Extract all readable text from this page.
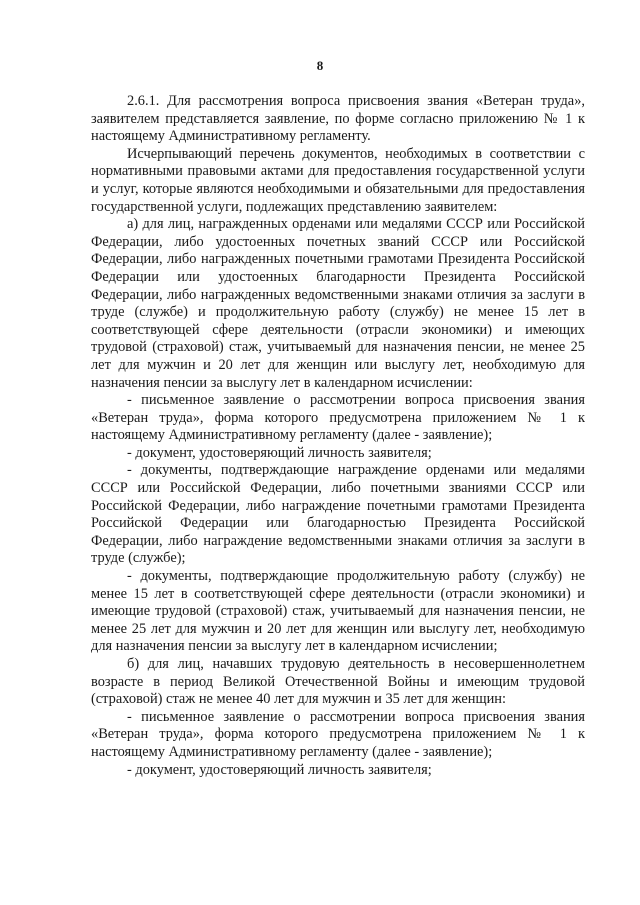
8

2.6.1. Для рассмотрения вопроса присвоения звания «Ветеран труда», заявителем представляется заявление, по форме согласно приложению № 1 к настоящему Административному регламенту.

Исчерпывающий перечень документов, необходимых в соответствии с нормативными правовыми актами для предоставления государственной услуги и услуг, которые являются необходимыми и обязательными для предоставления государственной услуги, подлежащих представлению заявителем:

а) для лиц, награжденных орденами или медалями СССР или Российской Федерации, либо удостоенных почетных званий СССР или Российской Федерации, либо награжденных почетными грамотами Президента Российской Федерации или удостоенных благодарности Президента Российской Федерации, либо награжденных ведомственными знаками отличия за заслуги в труде (службе) и продолжительную работу (службу) не менее 15 лет в соответствующей сфере деятельности (отрасли экономики) и имеющих трудовой (страховой) стаж, учитываемый для назначения пенсии, не менее 25 лет для мужчин и 20 лет для женщин или выслугу лет, необходимую для назначения пенсии за выслугу лет в календарном исчислении:

- письменное заявление о рассмотрении вопроса присвоения звания «Ветеран труда», форма которого предусмотрена приложением № 1 к настоящему Административному регламенту (далее - заявление);

- документ, удостоверяющий личность заявителя;

- документы, подтверждающие награждение орденами или медалями СССР или Российской Федерации, либо почетными званиями СССР или Российской Федерации, либо награждение почетными грамотами Президента Российской Федерации или благодарностью Президента Российской Федерации, либо награждение ведомственными знаками отличия за заслуги в труде (службе);

- документы, подтверждающие продолжительную работу (службу) не менее 15 лет в соответствующей сфере деятельности (отрасли экономики) и имеющие трудовой (страховой) стаж, учитываемый для назначения пенсии, не менее 25 лет для мужчин и 20 лет для женщин или выслугу лет, необходимую для назначения пенсии за выслугу лет в календарном исчислении;

б) для лиц, начавших трудовую деятельность в несовершеннолетнем возрасте в период Великой Отечественной Войны и имеющим трудовой (страховой) стаж не менее 40 лет для мужчин и 35 лет для женщин:

- письменное заявление о рассмотрении вопроса присвоения звания «Ветеран труда», форма которого предусмотрена приложением № 1 к настоящему Административному регламенту (далее - заявление);

- документ, удостоверяющий личность заявителя;
